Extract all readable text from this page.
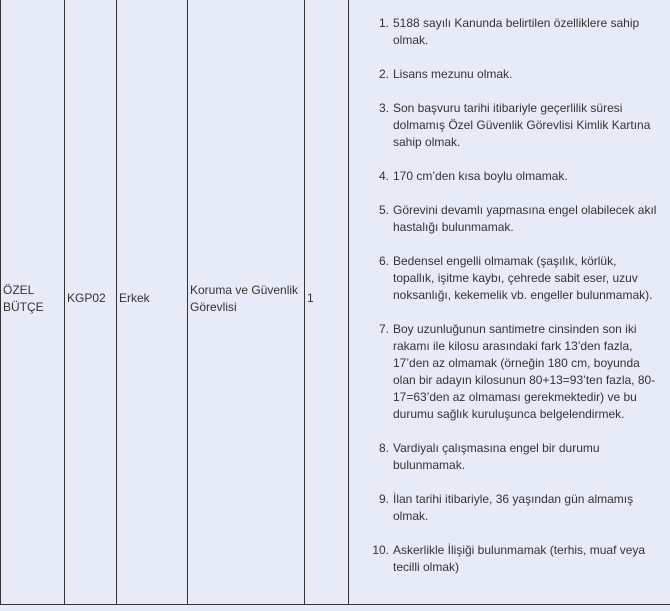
ÖZEL BÜTÇE	KGP02	Erkek	Koruma ve Güvenlik Görevlisi	1	
1. 5188 sayılı Kanunda belirtilen özelliklere sahip olmak.
2. Lisans mezunu olmak.
3. Son başvuru tarihi itibariyle geçerlilik süresi dolmamış Özel Güvenlik Görevlisi Kimlik Kartına sahip olmak.
4. 170 cm’den kısa boylu olmamak.
5. Görevini devamlı yapmasına engel olabilecek akıl hastalığı bulunmamak.
6. Bedensel engelli olmamak (şaşılık, körlük, topallık, işitme kaybı, çehrede sabit eser, uzuv noksanlığı, kekemelik vb. engeller bulunmamak).
7. Boy uzunluğunun santimetre cinsinden son iki rakamı ile kilosu arasındaki fark 13’den fazla, 17’den az olmamak (örneğin 180 cm, boyunda olan bir adayın kilosunun 80+13=93’ten fazla, 80-17=63’den az olmaması gerekmektedir) ve bu durumu sağlık kuruluşunca belgelendirmek.
8. Vardiyalı çalışmasına engel bir durumu bulunmamak.
9. İlan tarihi itibariyle, 36 yaşından gün almamış olmak.
10. Askerlikle İlişiği bulunmamak (terhis, muaf veya tecilli olmak)
